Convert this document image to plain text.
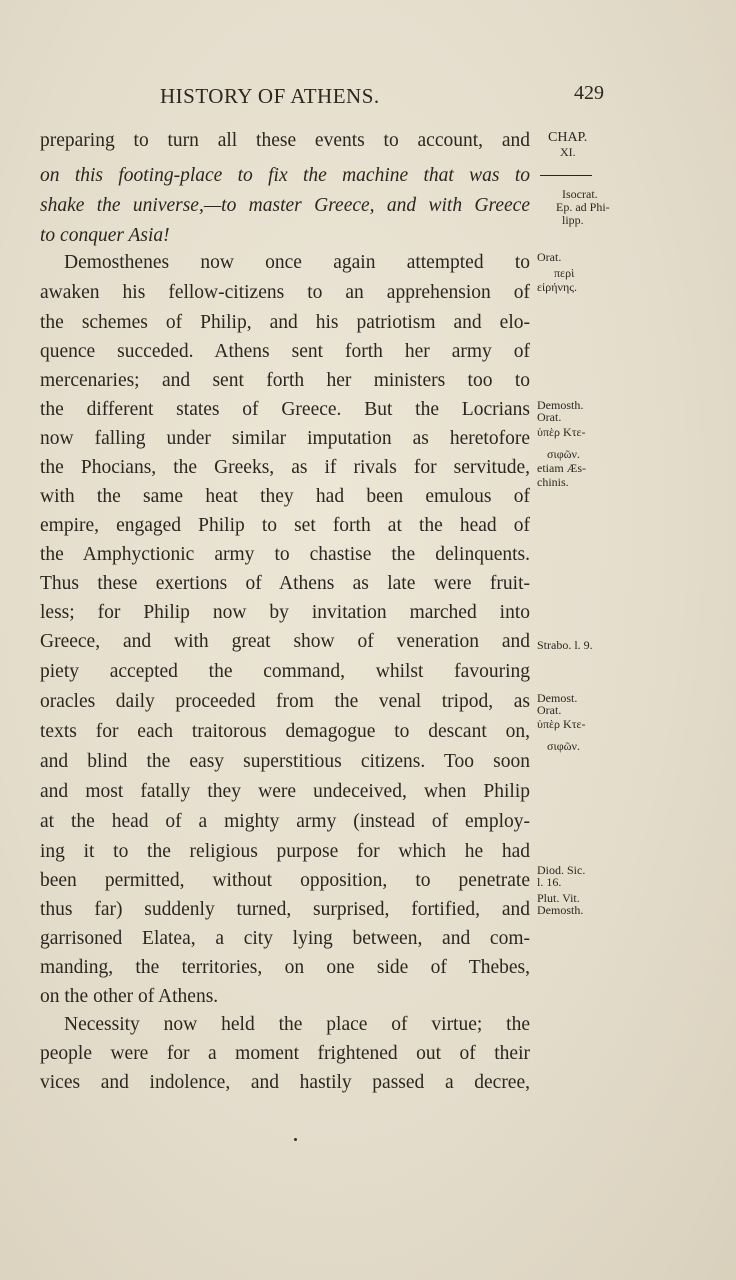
HISTORY OF ATHENS.	429
preparing to turn all these events to account, and
on this footing-place to fix the machine that was to
shake the universe,—to master Greece, and with Greece
to conquer Asia!
Demosthenes now once again attempted to
awaken his fellow-citizens to an apprehension of
the schemes of Philip, and his patriotism and elo-
quence succeded. Athens sent forth her army of
mercenaries; and sent forth her ministers too to
the different states of Greece. But the Locrians
now falling under similar imputation as heretofore
the Phocians, the Greeks, as if rivals for servitude,
with the same heat they had been emulous of
empire, engaged Philip to set forth at the head of
the Amphyctionic army to chastise the delinquents.
Thus these exertions of Athens as late were fruit-
less; for Philip now by invitation marched into
Greece, and with great show of veneration and
piety accepted the command, whilst favouring
oracles daily proceeded from the venal tripod, as
texts for each traitorous demagogue to descant on,
and blind the easy superstitious citizens. Too soon
and most fatally they were undeceived, when Philip
at the head of a mighty army (instead of employ-
ing it to the religious purpose for which he had
been permitted, without opposition, to penetrate
thus far) suddenly turned, surprised, fortified, and
garrisoned Elatea, a city lying between, and com-
manding, the territories, on one side of Thebes,
on the other of Athens.
Necessity now held the place of virtue; the
people were for a moment frightened out of their
vices and indolence, and hastily passed a decree,
CHAP.
XI.
Isocrat.
Ep. ad Phi-
lipp.
Orat.
περὶ
εἰρήνης.
Demosth.
Orat.
ὑπὲρ Κτε-
σιφῶν.
etiam Æs-
chinis.
Strabo. l. 9.
Demost.
Orat.
ὑπὲρ Κτε-
σιφῶν.
Diod. Sic.
l. 16.
Plut. Vit.
Demosth.
